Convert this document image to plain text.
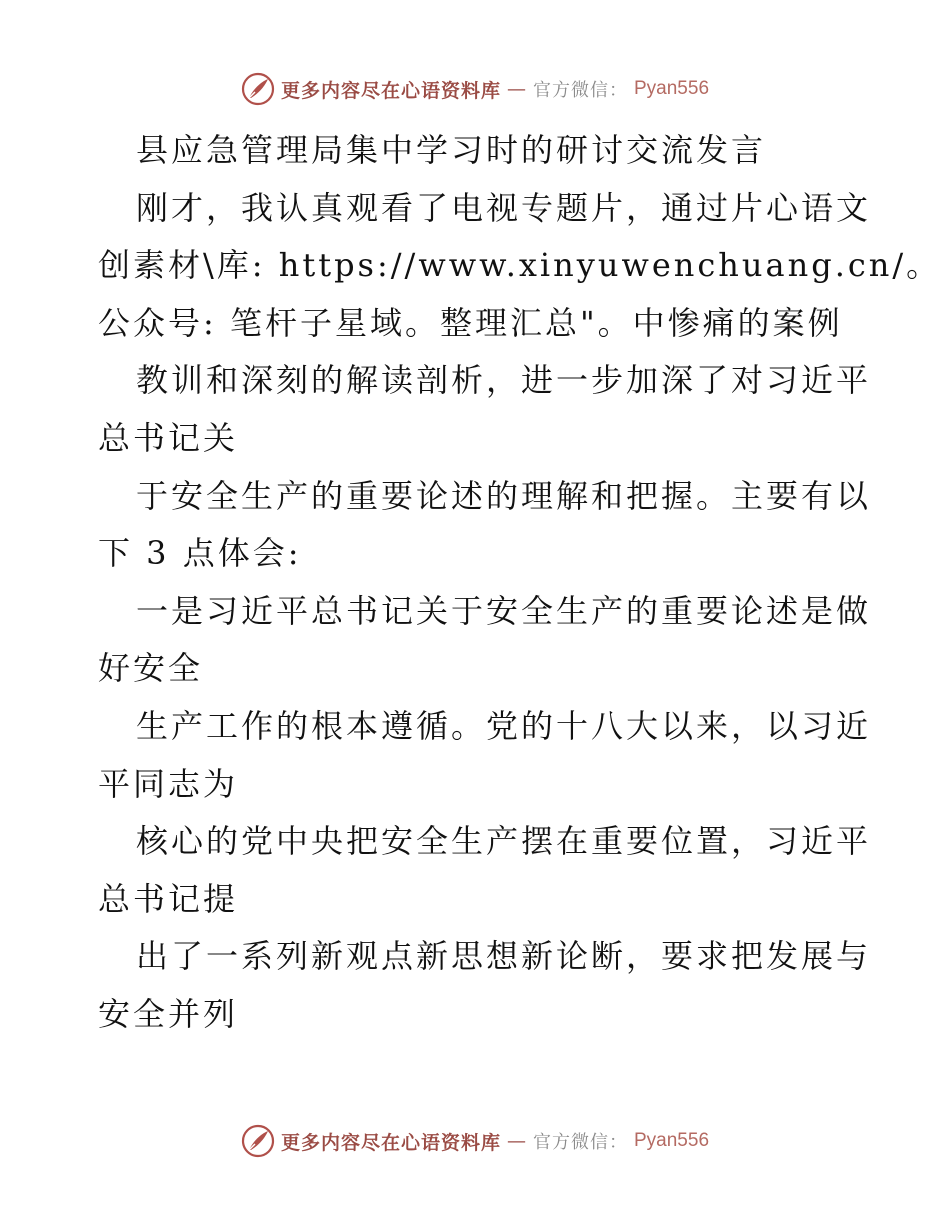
更多内容尽在心语资料库 — 官方微信： Pyan556
县应急管理局集中学习时的研讨交流发言
刚才，我认真观看了电视专题片，通过片心语文
创素材\库: https://www.xinyuwenchuang.cn/。
公众号: 笔杆子星域。整理汇总"。中惨痛的案例
教训和深刻的解读剖析，进一步加深了对习近平
总书记关
于安全生产的重要论述的理解和把握。主要有以
下 3 点体会:
一是习近平总书记关于安全生产的重要论述是做
好安全
生产工作的根本遵循。党的十八大以来，以习近
平同志为
核心的党中央把安全生产摆在重要位置，习近平
总书记提
出了一系列新观点新思想新论断，要求把发展与
安全并列
更多内容尽在心语资料库 — 官方微信： Pyan556
